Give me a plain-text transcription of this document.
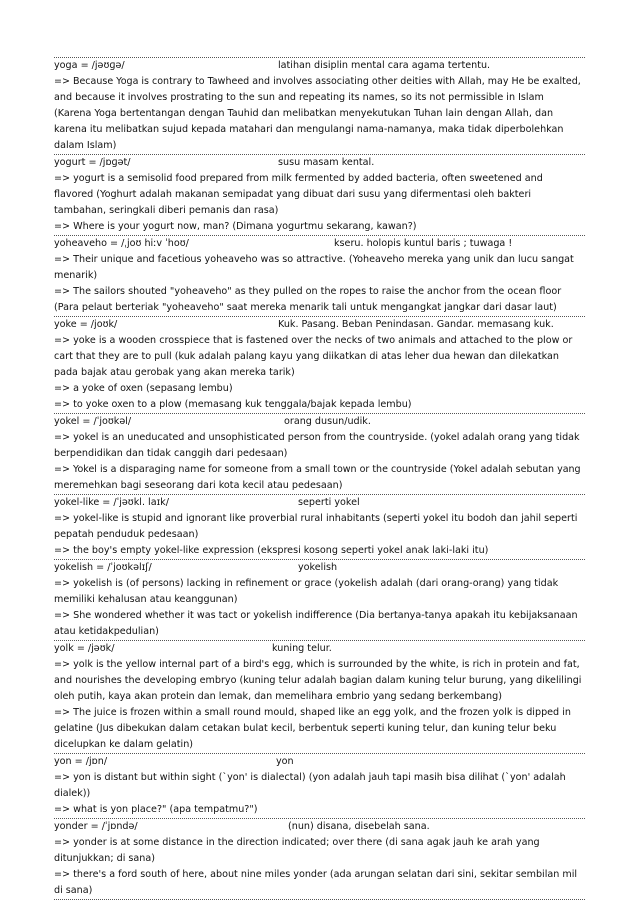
yoga = /jəʊɡə/	latihan disiplin mental cara agama tertentu.
=> Because Yoga is contrary to Tawheed and involves associating other deities with Allah, may He be exalted,
and because it involves prostrating to the sun and repeating its names, so its not permissible in Islam
(Karena Yoga bertentangan dengan Tauhid dan melibatkan menyekutukan Tuhan lain dengan Allah, dan
karena itu melibatkan sujud kepada matahari dan mengulangi nama-namanya, maka tidak diperbolehkan
dalam Islam)
yogurt = /jɒɡət/	susu masam kental.
=> yogurt is a semisolid food prepared from milk fermented by added bacteria, often sweetened and
flavored (Yoghurt adalah makanan semipadat yang dibuat dari susu yang difermentasi oleh bakteri
tambahan, seringkali diberi pemanis dan rasa)
=> Where is your yogurt now, man? (Dimana yogurtmu sekarang, kawan?)
yoheaveho = /ˌjoʊ hiːv ˈhoʊ/	kseru. holopis kuntul baris ; tuwaga !
=> Their unique and facetious yoheaveho was so attractive. (Yoheaveho mereka yang unik dan lucu sangat
menarik)
=> The sailors shouted "yoheaveho" as they pulled on the ropes to raise the anchor from the ocean floor
(Para pelaut berteriak "yoheaveho" saat mereka menarik tali untuk mengangkat jangkar dari dasar laut)
yoke = /joʊk/	Kuk. Pasang. Beban Penindasan. Gandar. memasang kuk.
=> yoke is a wooden crosspiece that is fastened over the necks of two animals and attached to the plow or
cart that they are to pull (kuk adalah palang kayu yang diikatkan di atas leher dua hewan dan dilekatkan
pada bajak atau gerobak yang akan mereka tarik)
=> a yoke of oxen (sepasang lembu)
=> to yoke oxen to a plow (memasang kuk tenggala/bajak kepada lembu)
yokel = /ˈjoʊkəl/	orang dusun/udik.
=> yokel is an uneducated and unsophisticated person from the countryside. (yokel adalah orang yang tidak
berpendidikan dan tidak canggih dari pedesaan)
=> Yokel is a disparaging name for someone from a small town or the countryside (Yokel adalah sebutan yang
meremehkan bagi seseorang dari kota kecil atau pedesaan)
yokel-like = /ˈjəʊkl. laɪk/	seperti yokel
=> yokel-like is stupid and ignorant like proverbial rural inhabitants (seperti yokel itu bodoh dan jahil seperti
pepatah penduduk pedesaan)
=> the boy's empty yokel-like expression (ekspresi kosong seperti yokel anak laki-laki itu)
yokelish = /ˈjoʊkəlɪʃ/	yokelish
=> yokelish is (of persons) lacking in refinement or grace (yokelish adalah (dari orang-orang) yang tidak
memiliki kehalusan atau keanggunan)
=> She wondered whether it was tact or yokelish indifference (Dia bertanya-tanya apakah itu kebijaksanaan
atau ketidakpedulian)
yolk = /jəʊk/	kuning telur.
=> yolk is the yellow internal part of a bird's egg, which is surrounded by the white, is rich in protein and fat,
and nourishes the developing embryo (kuning telur adalah bagian dalam kuning telur burung, yang dikelilingi
oleh putih, kaya akan protein dan lemak, dan memelihara embrio yang sedang berkembang)
=> The juice is frozen within a small round mould, shaped like an egg yolk, and the frozen yolk is dipped in
gelatine (Jus dibekukan dalam cetakan bulat kecil, berbentuk seperti kuning telur, dan kuning telur beku
dicelupkan ke dalam gelatin)
yon = /jɒn/	yon
=> yon is distant but within sight (`yon' is dialectal) (yon adalah jauh tapi masih bisa dilihat (`yon' adalah
dialek))
=> what is yon place?" (apa tempatmu?")
yonder = /ˈjɒndə/	(nun) disana, disebelah sana.
=> yonder is at some distance in the direction indicated; over there (di sana agak jauh ke arah yang
ditunjukkan; di sana)
=> there's a ford south of here, about nine miles yonder (ada arungan selatan dari sini, sekitar sembilan mil
di sana)
